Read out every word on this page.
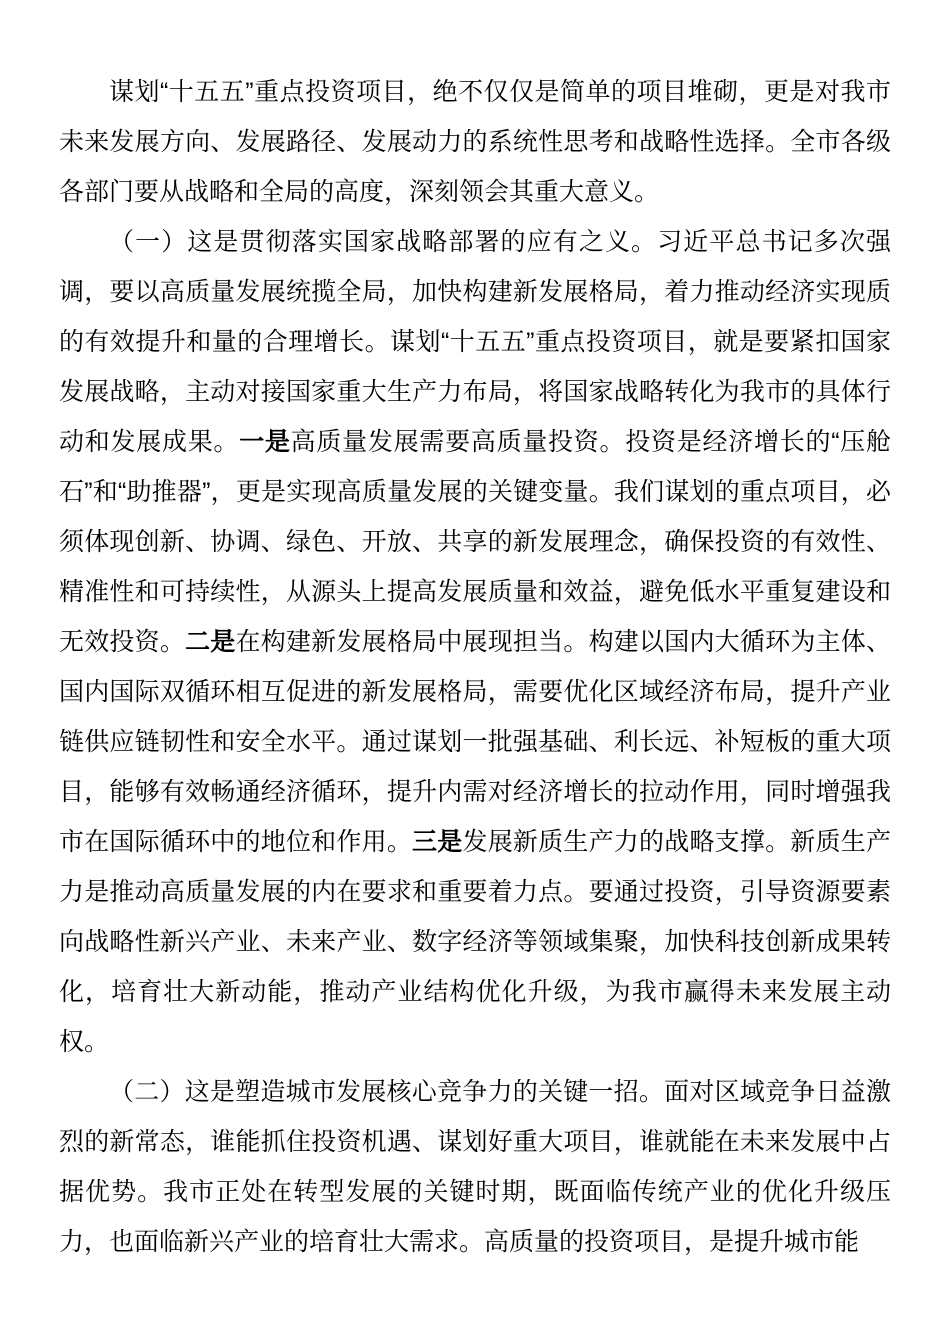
谋划“十五五”重点投资项目，绝不仅仅是简单的项目堆砌，更是对我市未来发展方向、发展路径、发展动力的系统性思考和战略性选择。全市各级各部门要从战略和全局的高度，深刻领会其重大意义。

（一）这是贯彻落实国家战略部署的应有之义。习近平总书记多次强调，要以高质量发展统揽全局，加快构建新发展格局，着力推动经济实现质的有效提升和量的合理增长。谋划“十五五”重点投资项目，就是要紧扣国家发展战略，主动对接国家重大生产力布局，将国家战略转化为我市的具体行动和发展成果。一是高质量发展需要高质量投资。投资是经济增长的“压舱石”和“助推器”，更是实现高质量发展的关键变量。我们谋划的重点项目，必须体现创新、协调、绿色、开放、共享的新发展理念，确保投资的有效性、精准性和可持续性，从源头上提高发展质量和效益，避免低水平重复建设和无效投资。二是在构建新发展格局中展现担当。构建以国内大循环为主体、国内国际双循环相互促进的新发展格局，需要优化区域经济布局，提升产业链供应链韧性和安全水平。通过谋划一批强基础、利长远、补短板的重大项目，能够有效畅通经济循环，提升内需对经济增长的拉动作用，同时增强我市在国际循环中的地位和作用。三是发展新质生产力的战略支撑。新质生产力是推动高质量发展的内在要求和重要着力点。要通过投资，引导资源要素向战略性新兴产业、未来产业、数字经济等领域集聚，加快科技创新成果转化，培育壮大新动能，推动产业结构优化升级，为我市赢得未来发展主动权。

（二）这是塑造城市发展核心竞争力的关键一招。面对区域竞争日益激烈的新常态，谁能抓住投资机遇、谋划好重大项目，谁就能在未来发展中占据优势。我市正处在转型发展的关键时期，既面临传统产业的优化升级压力，也面临新兴产业的培育壮大需求。高质量的投资项目，是提升城市能
